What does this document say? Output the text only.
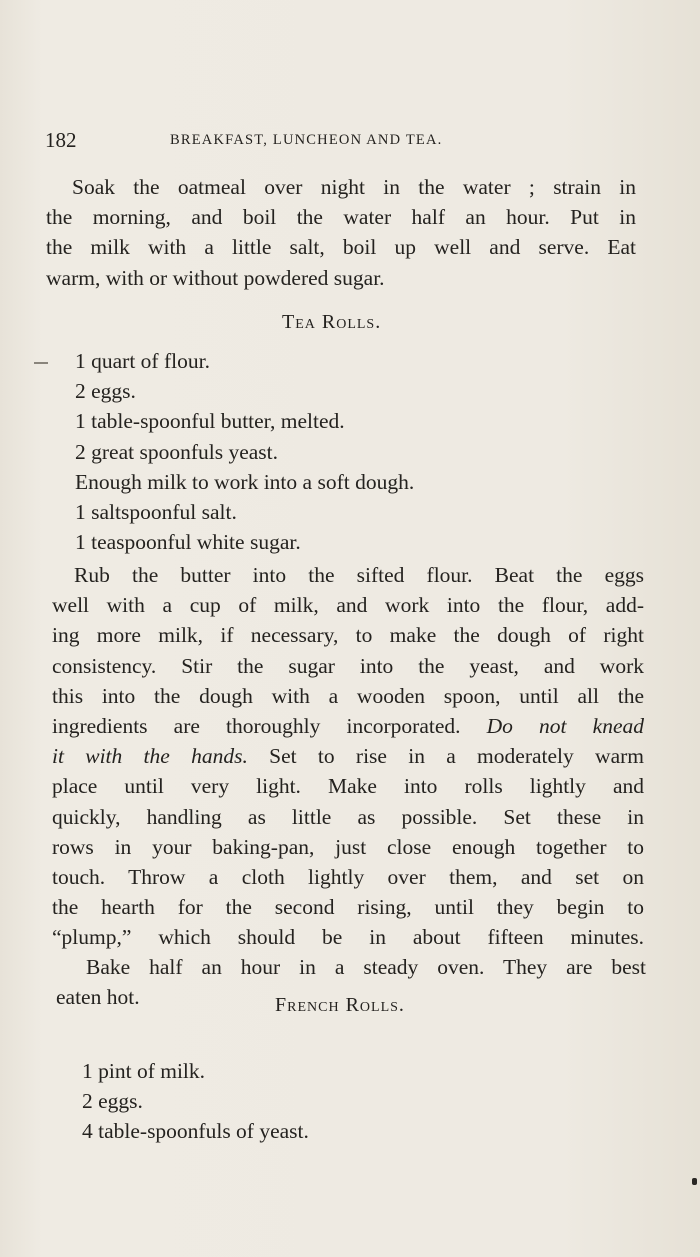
182	BREAKFAST, LUNCHEON AND TEA.
Soak the oatmeal over night in the water ; strain in
the morning, and boil the water half an hour. Put in
the milk with a little salt, boil up well and serve. Eat
warm, with or without powdered sugar.
Tea Rolls.
1 quart of flour.
2 eggs.
1 table-spoonful butter, melted.
2 great spoonfuls yeast.
Enough milk to work into a soft dough.
1 saltspoonful salt.
1 teaspoonful white sugar.
Rub the butter into the sifted flour. Beat the eggs
well with a cup of milk, and work into the flour, add-
ing more milk, if necessary, to make the dough of right
consistency. Stir the sugar into the yeast, and work
this into the dough with a wooden spoon, until all the
ingredients are thoroughly incorporated. Do not knead
it with the hands. Set to rise in a moderately warm
place until very light. Make into rolls lightly and
quickly, handling as little as possible. Set these in
rows in your baking-pan, just close enough together to
touch. Throw a cloth lightly over them, and set on
the hearth for the second rising, until they begin to
“plump,” which should be in about fifteen minutes.
Bake half an hour in a steady oven. They are best
eaten hot.	French Rolls.
1 pint of milk.
2 eggs.
4 table-spoonfuls of yeast.
